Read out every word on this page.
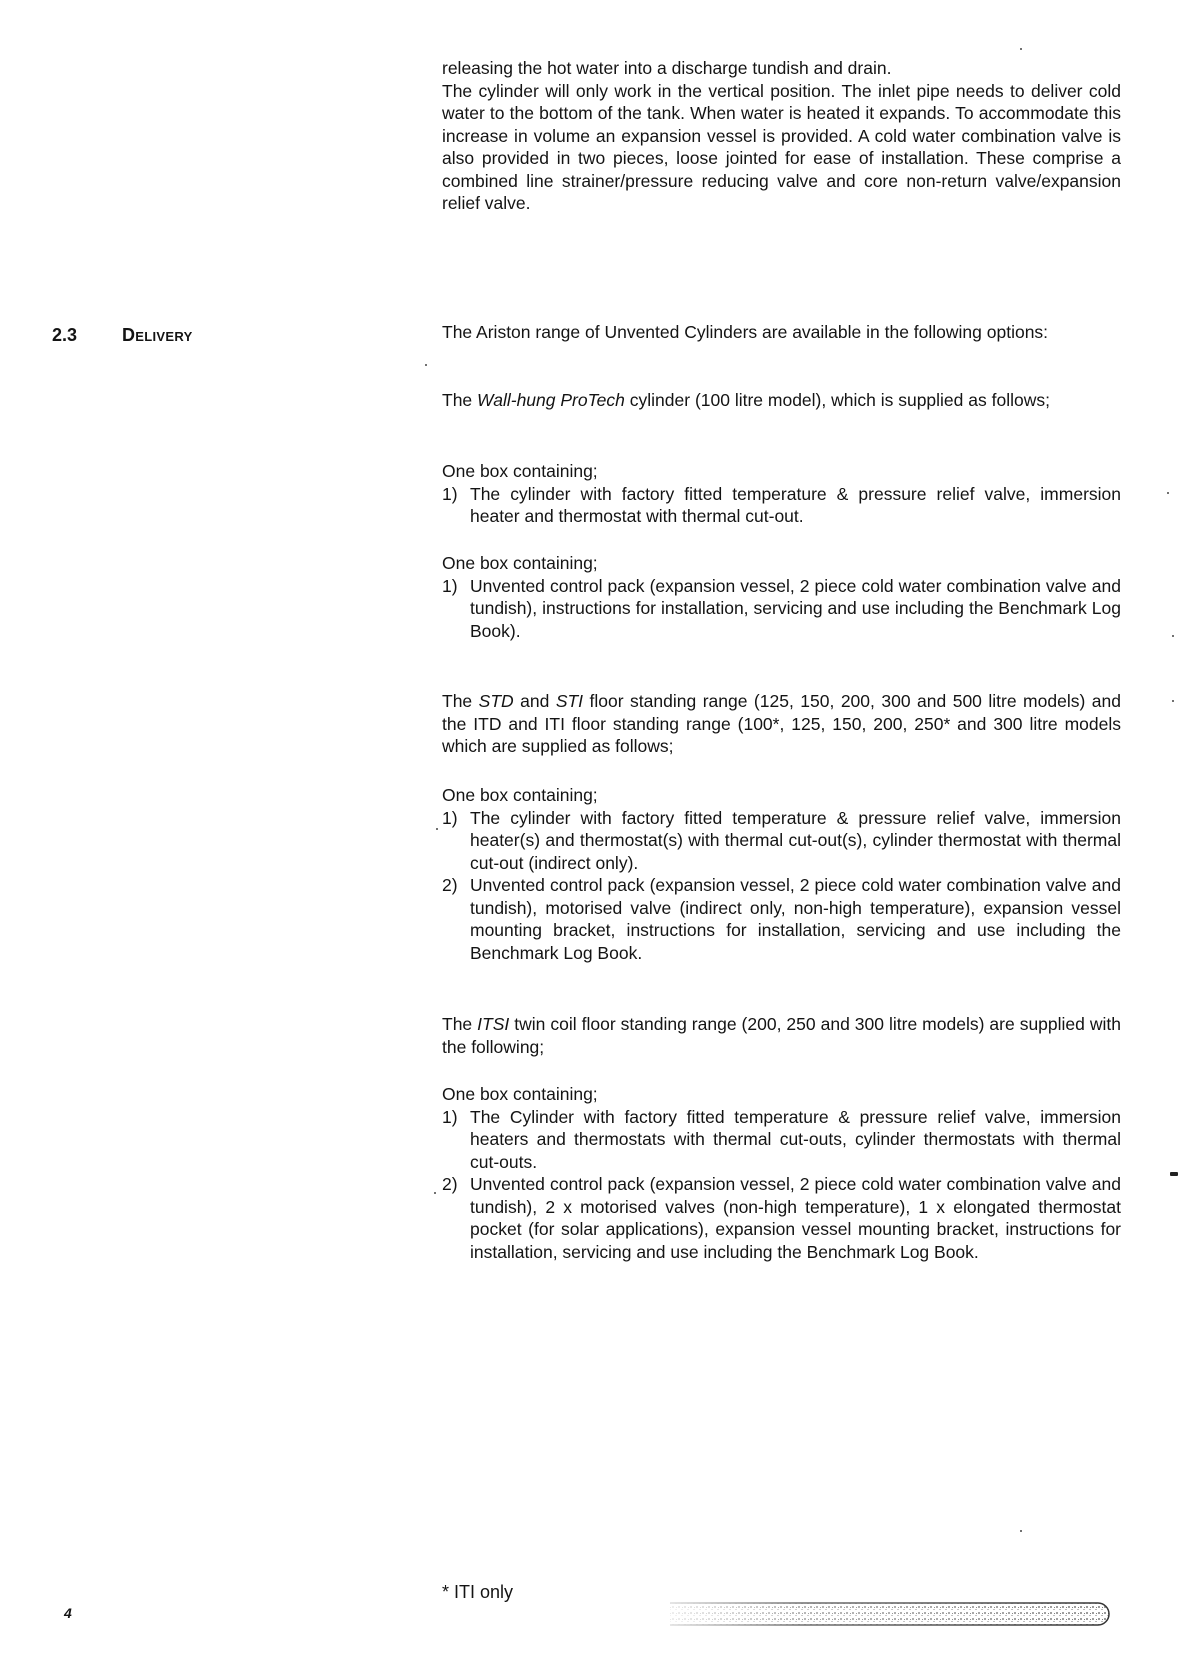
releasing the hot water into a discharge tundish and drain.

The cylinder will only work in the vertical position. The inlet pipe needs to deliver cold water to the bottom of the tank. When water is heated it expands. To accommodate this increase in volume an expansion vessel is provided. A cold water combination valve is also provided in two pieces, loose jointed for ease of installation. These comprise a combined line strainer/pressure reducing valve and core non-return valve/expansion relief valve.

2.3 Delivery	The Ariston range of Unvented Cylinders are available in the following options:

The Wall-hung ProTech cylinder (100 litre model), which is supplied as follows;

One box containing;

1) The cylinder with factory fitted temperature & pressure relief valve, immersion heater and thermostat with thermal cut-out.

One box containing;

1) Unvented control pack (expansion vessel, 2 piece cold water combination valve and tundish), instructions for installation, servicing and use including the Benchmark Log Book).

The STD and STI floor standing range (125, 150, 200, 300 and 500 litre models) and the ITD and ITI floor standing range (100*, 125, 150, 200, 250* and 300 litre models which are supplied as follows;

One box containing;

1) The cylinder with factory fitted temperature & pressure relief valve, immersion heater(s) and thermostat(s) with thermal cut-out(s), cylinder thermostat with thermal cut-out (indirect only).
2) Unvented control pack (expansion vessel, 2 piece cold water combination valve and tundish), motorised valve (indirect only, non-high temperature), expansion vessel mounting bracket, instructions for installation, servicing and use including the Benchmark Log Book.

The ITSI twin coil floor standing range (200, 250 and 300 litre models) are supplied with the following;

One box containing;

1) The Cylinder with factory fitted temperature & pressure relief valve, immersion heaters and thermostats with thermal cut-outs, cylinder thermostats with thermal cut-outs.
2) Unvented control pack (expansion vessel, 2 piece cold water combination valve and tundish), 2 x motorised valves (non-high temperature), 1 x elongated thermostat pocket (for solar applications), expansion vessel mounting bracket, instructions for installation, servicing and use including the Benchmark Log Book.
* ITI only
4
